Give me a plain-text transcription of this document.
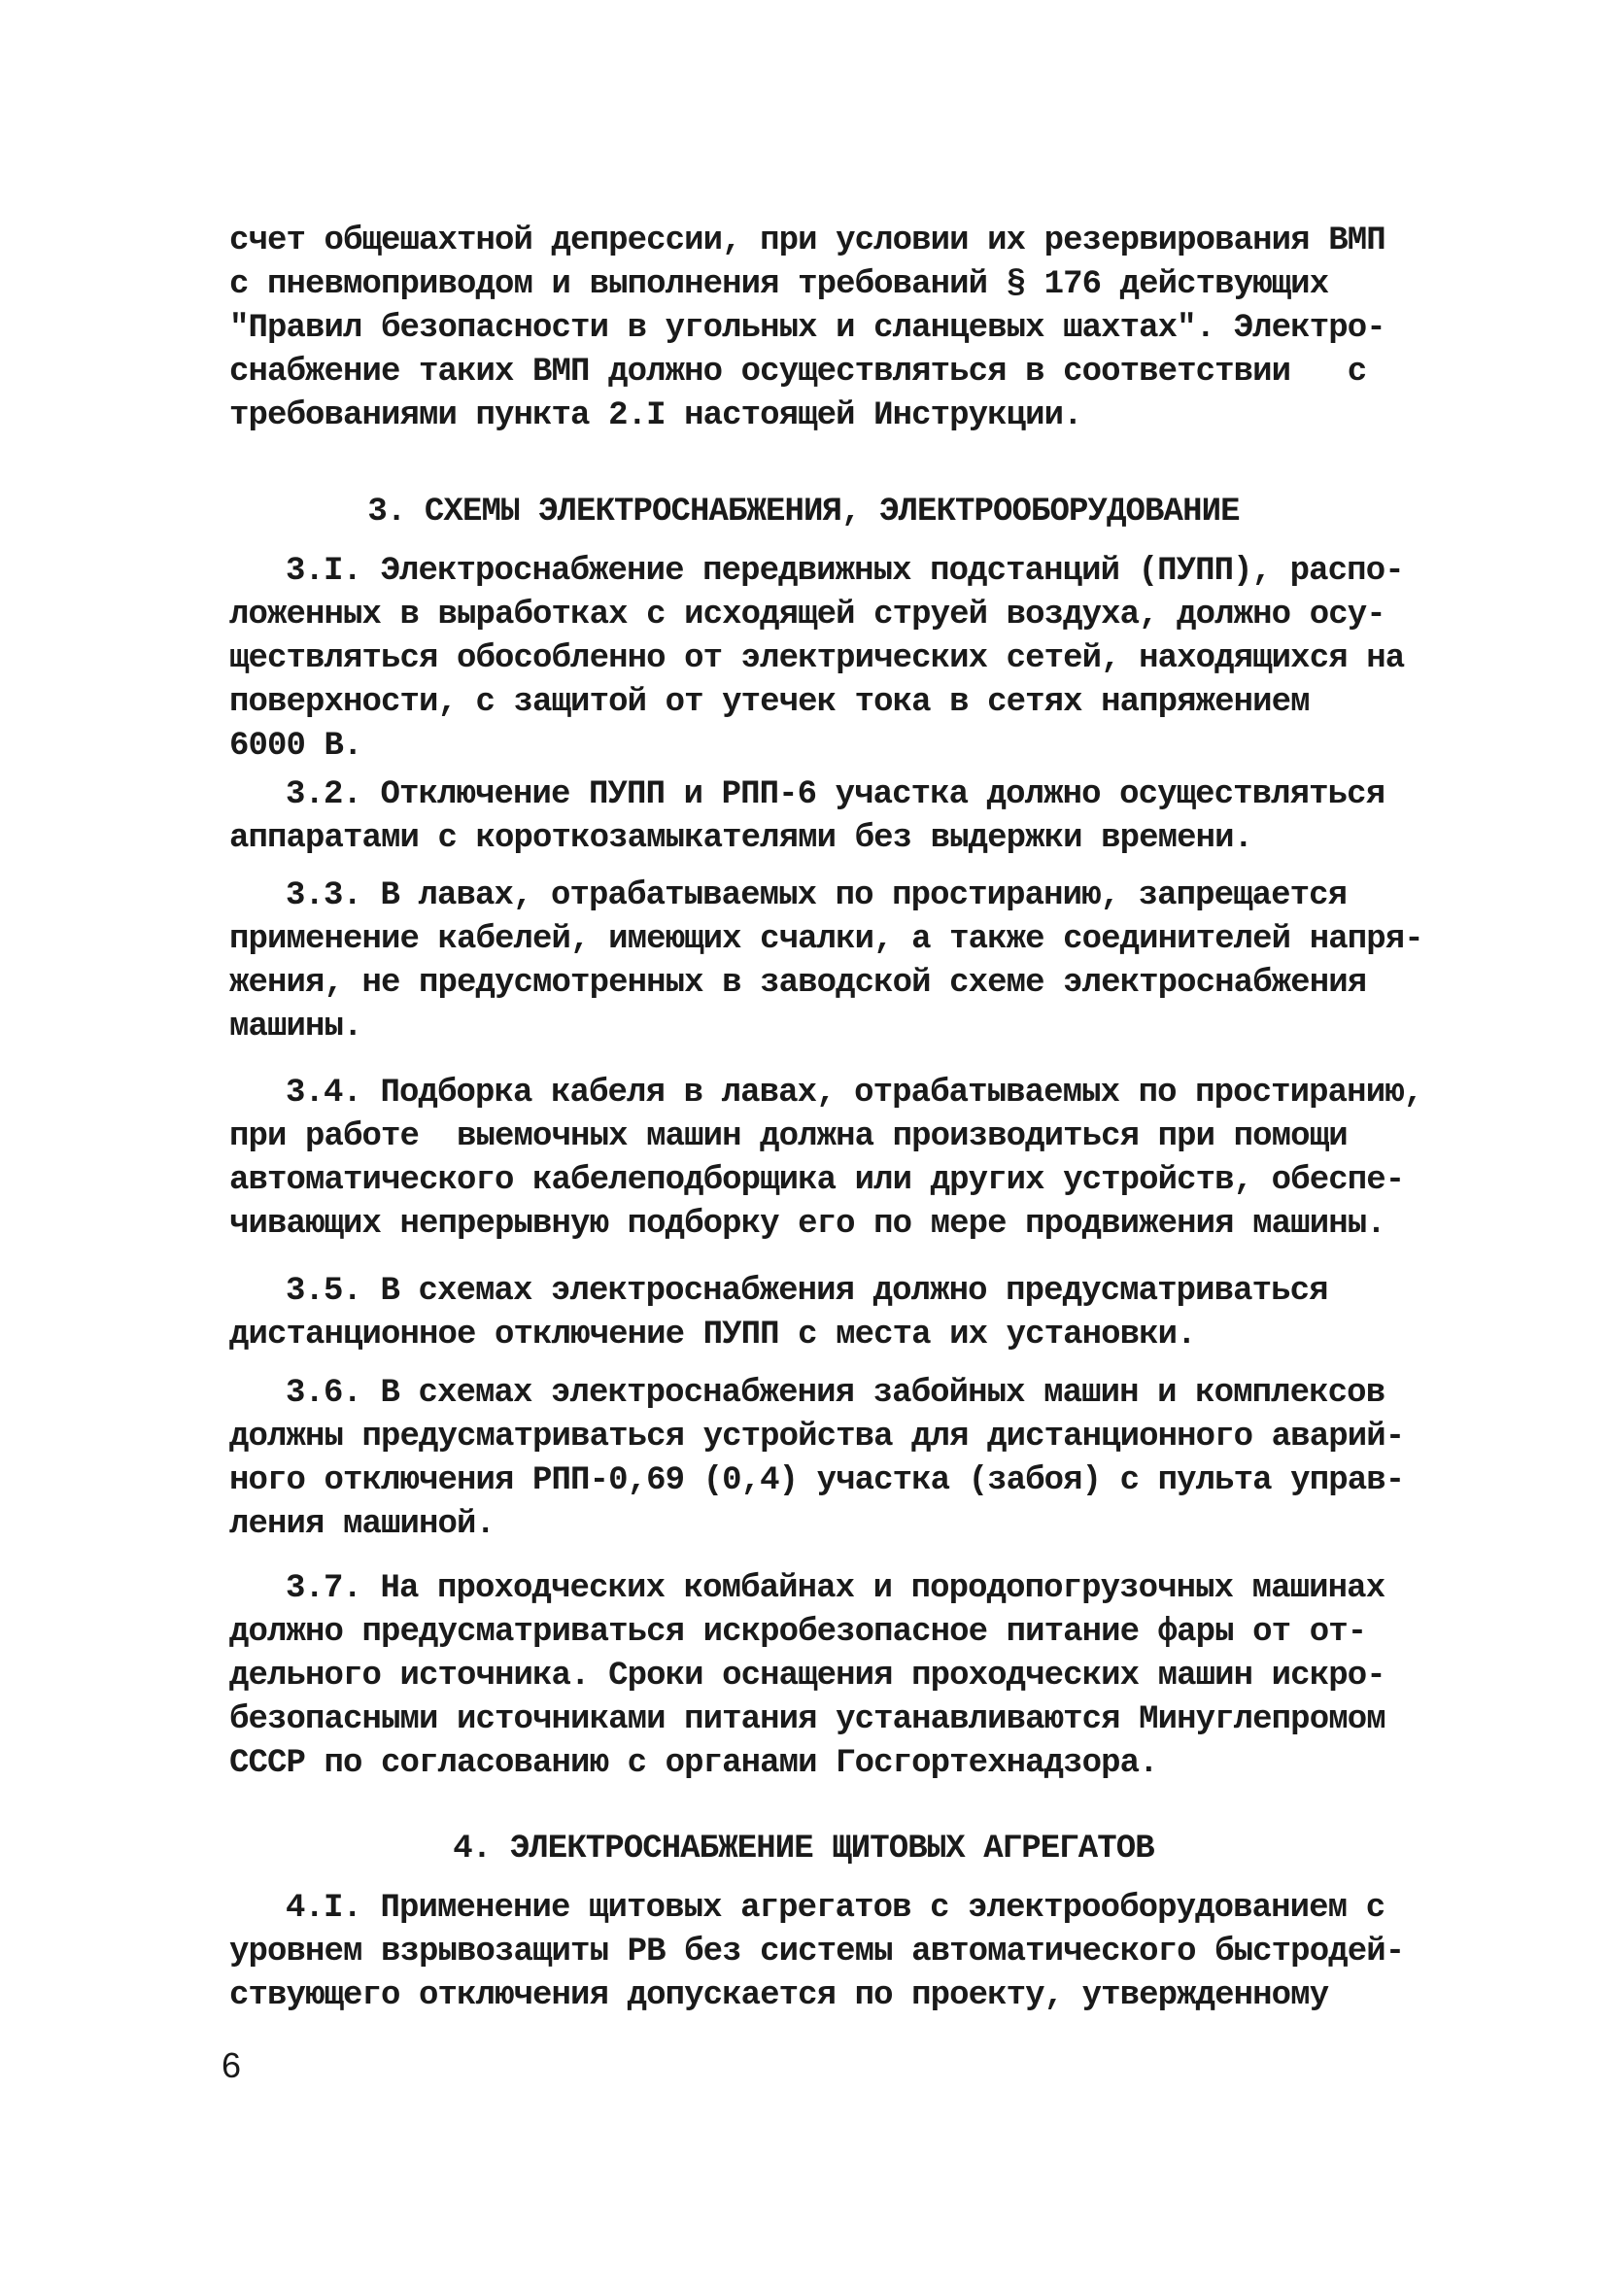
счет общешахтной депрессии, при условии их резервирования ВМП
с пневмоприводом и выполнения требований § 176 действующих
"Правил безопасности в угольных и сланцевых шахтах". Электро-
снабжение таких ВМП должно осуществляться в соответствии   с
требованиями пункта 2.I настоящей Инструкции.
3. СХЕМЫ ЭЛЕКТРОСНАБЖЕНИЯ, ЭЛЕКТРООБОРУДОВАНИЕ
3.I. Электроснабжение передвижных подстанций (ПУПП), распо-
ложенных в выработках с исходящей струей воздуха, должно осу-
ществляться обособленно от электрических сетей, находящихся на
поверхности, с защитой от утечек тока в сетях напряжением
6000 В.
3.2. Отключение ПУПП и РПП-6 участка должно осуществляться
аппаратами с короткозамыкателями без выдержки времени.
3.3. В лавах, отрабатываемых по простиранию, запрещается
применение кабелей, имеющих счалки, а также соединителей напря-
жения, не предусмотренных в заводской схеме электроснабжения
машины.
3.4. Подборка кабеля в лавах, отрабатываемых по простиранию,
при работе  выемочных машин должна производиться при помощи
автоматического кабелеподборщика или других устройств, обеспе-
чивающих непрерывную подборку его по мере продвижения машины.
3.5. В схемах электроснабжения должно предусматриваться
дистанционное отключение ПУПП с места их установки.
3.6. В схемах электроснабжения забойных машин и комплексов
должны предусматриваться устройства для дистанционного аварий-
ного отключения РПП-0,69 (0,4) участка (забоя) с пульта управ-
ления машиной.
3.7. На проходческих комбайнах и породопогрузочных машинах
должно предусматриваться искробезопасное питание фары от от-
дельного источника. Сроки оснащения проходческих машин искро-
безопасными источниками питания устанавливаются Минуглепромом
СССР по согласованию с органами Госгортехнадзора.
4. ЭЛЕКТРОСНАБЖЕНИЕ ЩИТОВЫХ АГРЕГАТОВ
4.I. Применение щитовых агрегатов с электрооборудованием с
уровнем взрывозащиты РВ без системы автоматического быстродей-
ствующего отключения допускается по проекту, утвержденному
6
